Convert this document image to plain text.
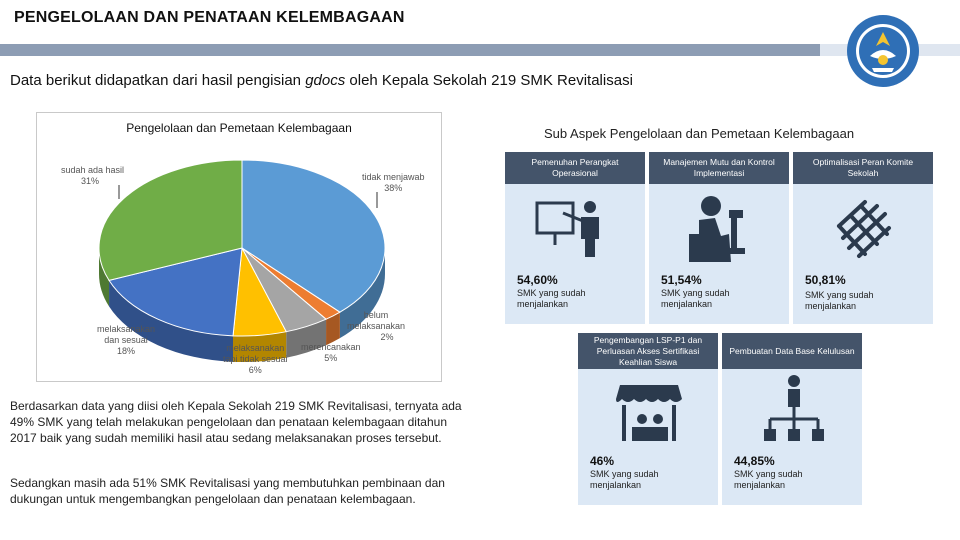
PENGELOLAAN DAN PENATAAN KELEMBAGAAN
Data berikut didapatkan dari hasil pengisian gdocs oleh Kepala Sekolah 219 SMK Revitalisasi
Pengelolaan dan Pemetaan Kelembagaan
sudah ada hasil
31%	tidak menjawab
38%
belum
melaksanakan
2%
merencanakan
5%
melaksanakan
tapi tidak sesuai
6%
melaksanakan
dan sesuai
18%
Berdasarkan data yang diisi oleh Kepala Sekolah 219 SMK Revitalisasi, ternyata ada 49% SMK yang telah melakukan pengelolaan dan penataan kelembagaan ditahun 2017 baik yang sudah memiliki hasil atau sedang melaksanakan proses tersebut.
Sedangkan masih ada 51% SMK Revitalisasi yang membutuhkan pembinaan dan dukungan untuk mengembangkan pengelolaan dan penataan kelembagaan.
Sub Aspek Pengelolaan dan Pemetaan Kelembagaan
Pemenuhan Perangkat Operasional
54,60%
SMK yang sudah menjalankan
Manajemen Mutu dan Kontrol Implementasi
51,54%
SMK yang sudah menjalankan
Optimalisasi Peran Komite Sekolah
50,81%
SMK yang sudah menjalankan
Pengembangan LSP-P1 dan Perluasan Akses Sertifikasi Keahlian Siswa
46%
SMK yang sudah menjalankan
Pembuatan Data Base Kelulusan
44,85%
SMK yang sudah menjalankan
